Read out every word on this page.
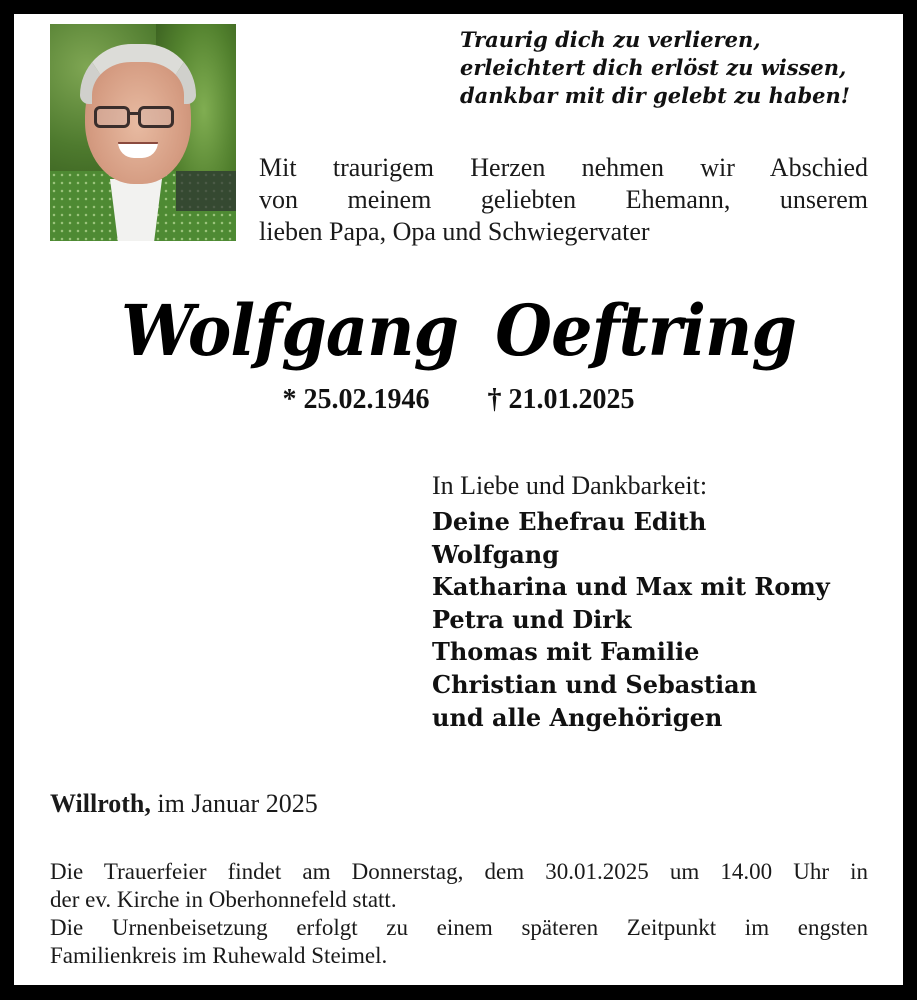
Traurig dich zu verlieren,
erleichtert dich erlöst zu wissen,
dankbar mit dir gelebt zu haben!
Mit traurigem Herzen nehmen wir Abschied
von meinem geliebten Ehemann, unserem
lieben Papa, Opa und Schwiegervater
Wolfgang Oeftring
* 25.02.1946 † 21.01.2025
In Liebe und Dankbarkeit:
Deine Ehefrau Edith
Wolfgang
Katharina und Max mit Romy
Petra und Dirk
Thomas mit Familie
Christian und Sebastian
und alle Angehörigen
Willroth, im Januar 2025
Die Trauerfeier findet am Donnerstag, dem 30.01.2025 um 14.00 Uhr in
der ev. Kirche in Oberhonnefeld statt.
Die Urnenbeisetzung erfolgt zu einem späteren Zeitpunkt im engsten
Familienkreis im Ruhewald Steimel.
